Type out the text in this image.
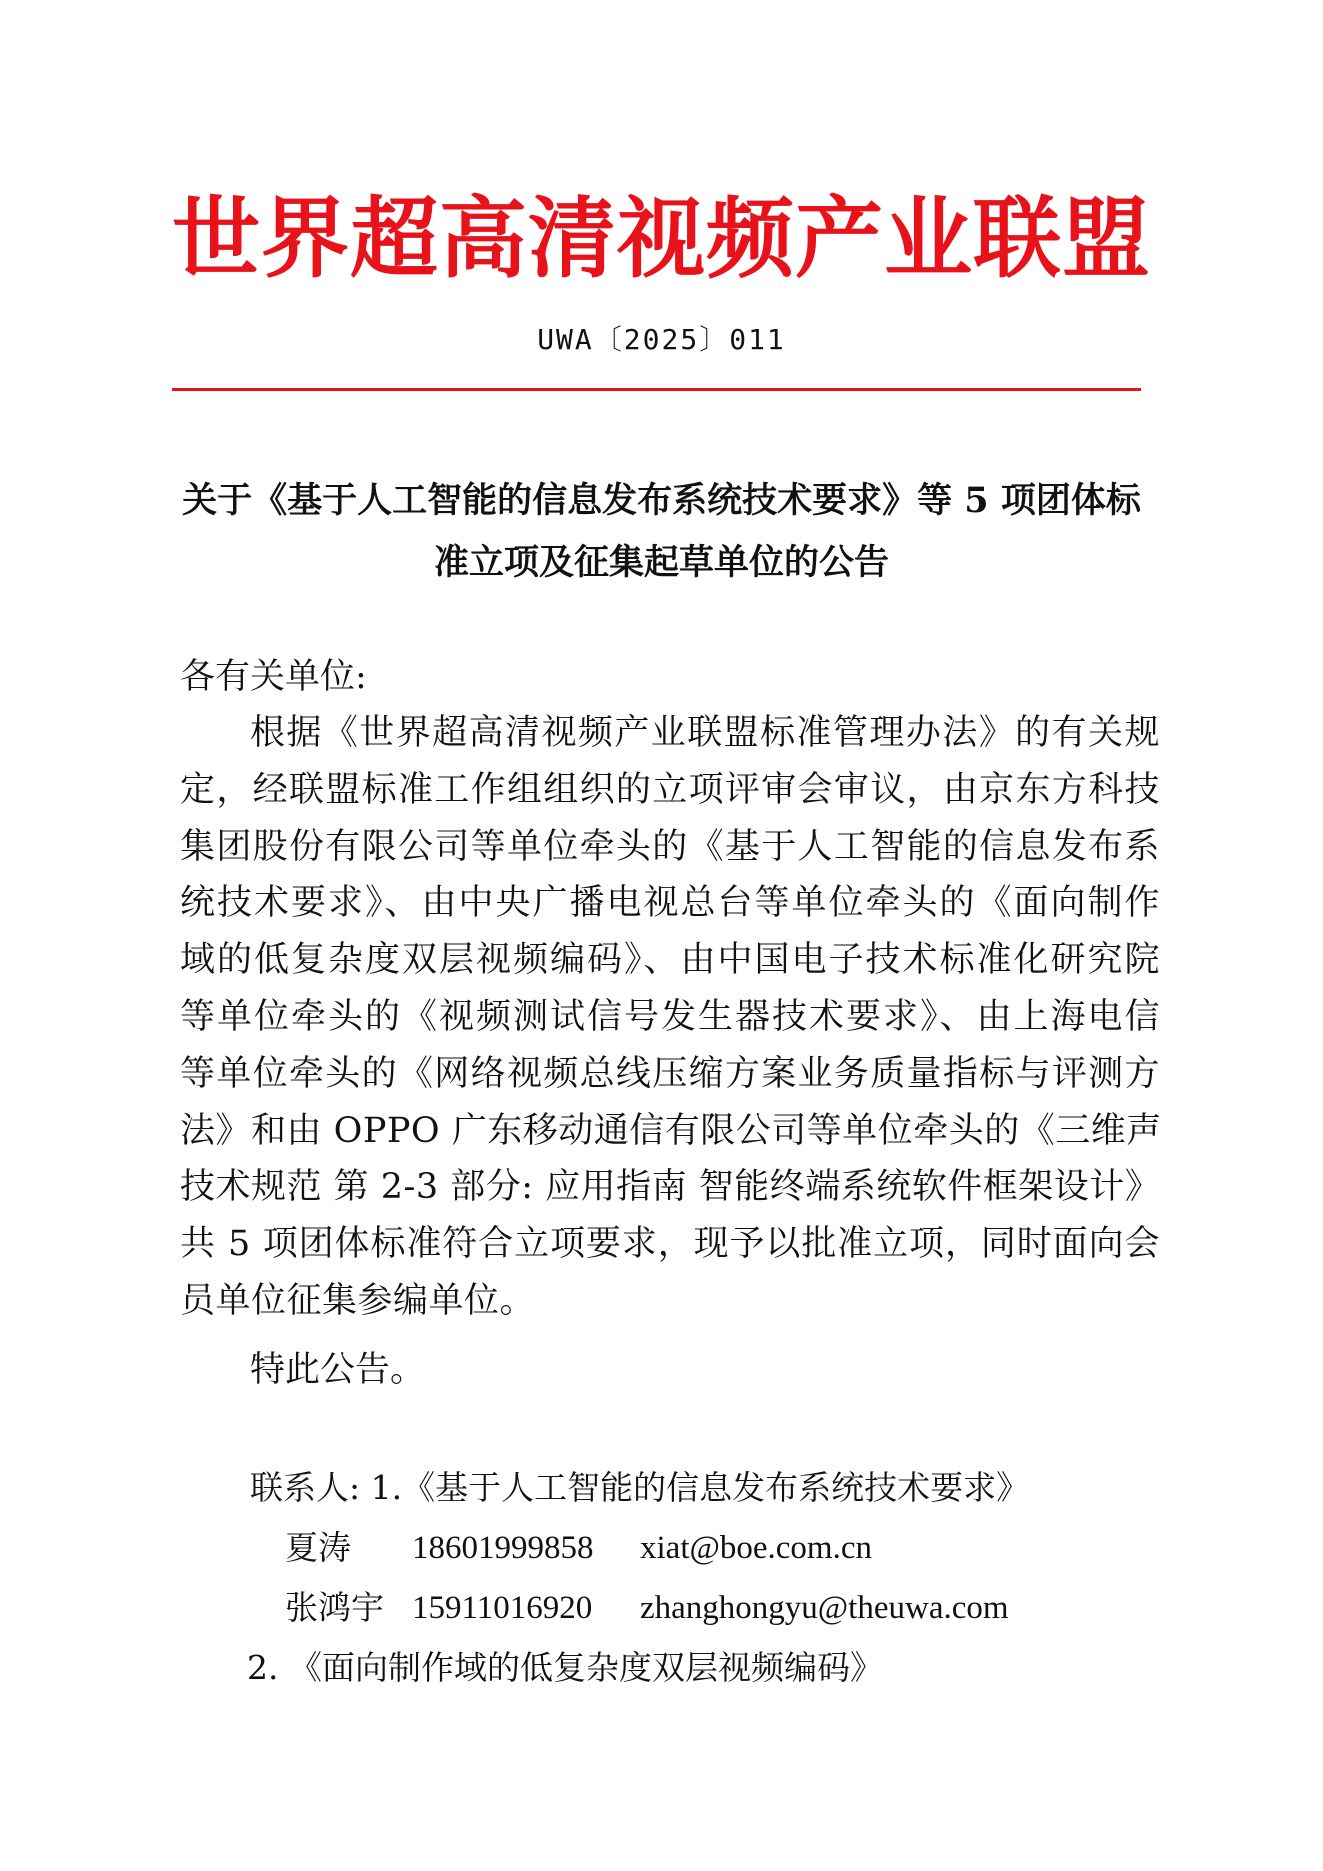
世界超高清视频产业联盟
UWA〔2025〕011
关于《基于人工智能的信息发布系统技术要求》等 5 项团体标
准立项及征集起草单位的公告
各有关单位:
根据《世界超高清视频产业联盟标准管理办法》的有关规
定，经联盟标准工作组组织的立项评审会审议，由京东方科技
集团股份有限公司等单位牵头的《基于人工智能的信息发布系
统技术要求》、由中央广播电视总台等单位牵头的《面向制作
域的低复杂度双层视频编码》、由中国电子技术标准化研究院
等单位牵头的《视频测试信号发生器技术要求》、由上海电信
等单位牵头的《网络视频总线压缩方案业务质量指标与评测方
法》和由 OPPO 广东移动通信有限公司等单位牵头的《三维声
技术规范 第 2-3 部分: 应用指南 智能终端系统软件框架设计》
共 5 项团体标准符合立项要求，现予以批准立项，同时面向会
员单位征集参编单位。
特此公告。
联系人: 1.《基于人工智能的信息发布系统技术要求》
夏涛 18601999858 xiat@boe.com.cn
张鸿宇 15911016920 zhanghongyu@theuwa.com
2. 《面向制作域的低复杂度双层视频编码》
